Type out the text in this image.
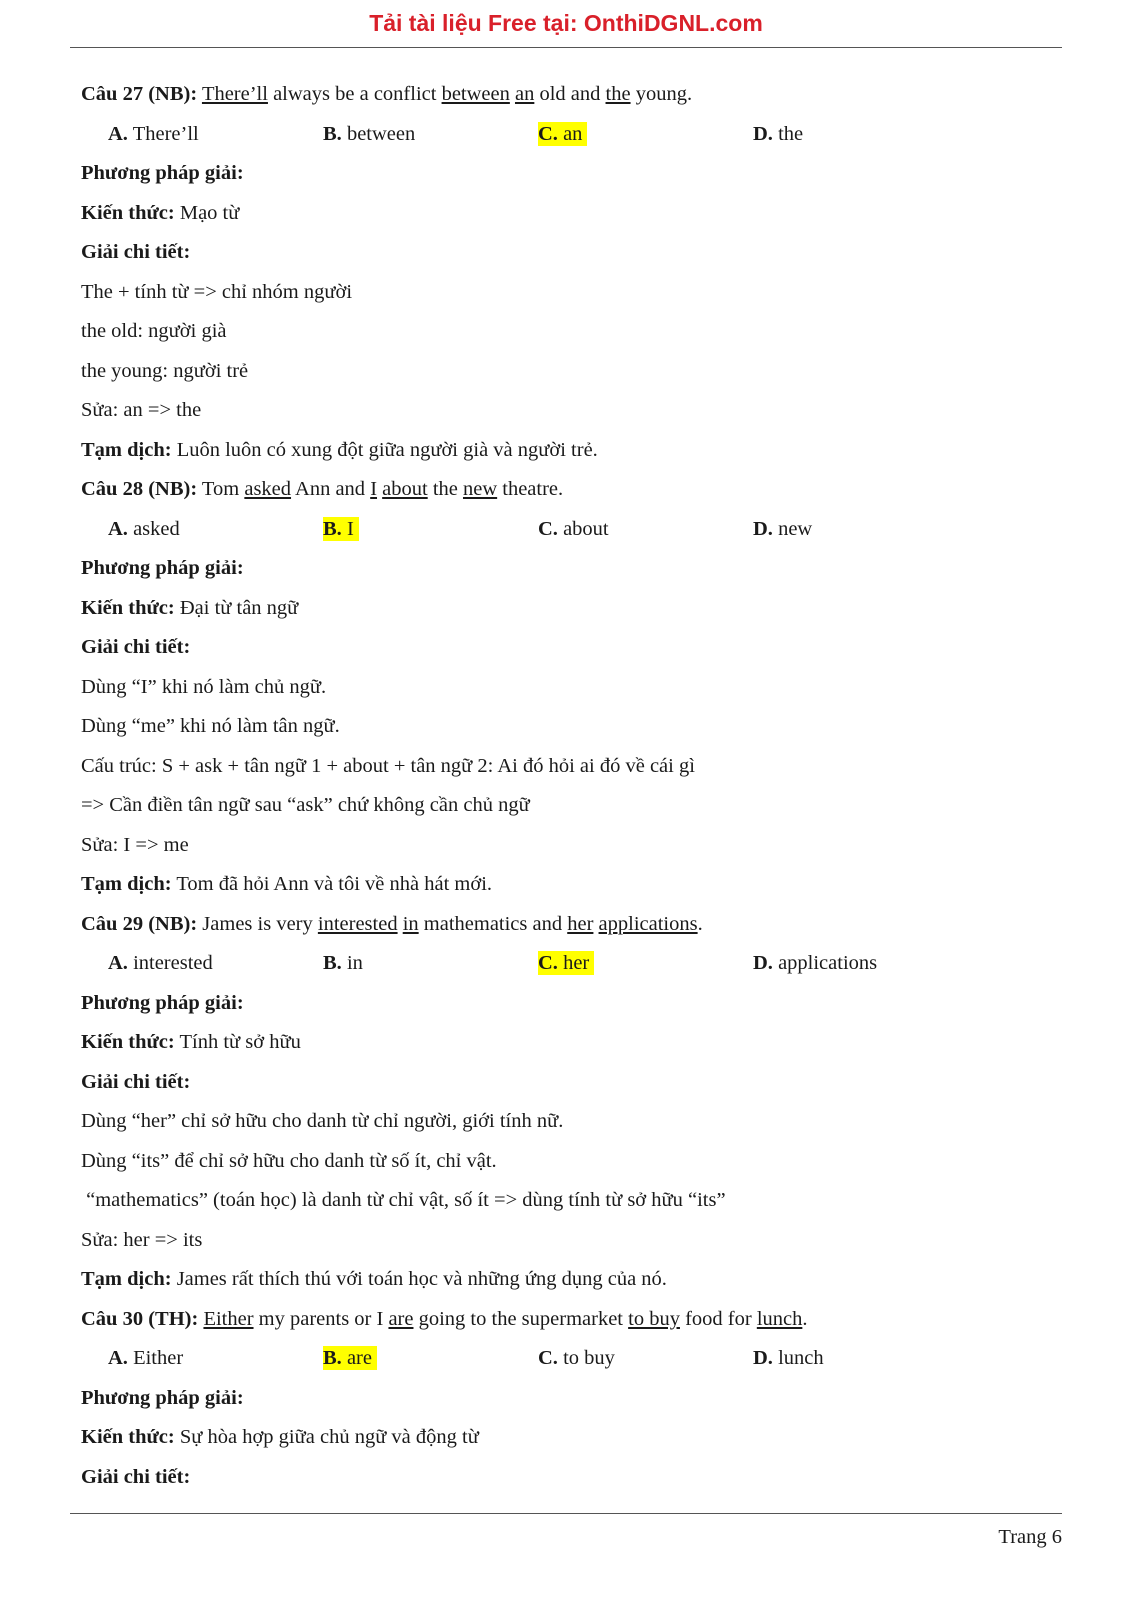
Tải tài liệu Free tại: OnthiDGNL.com
Câu 27 (NB): There’ll always be a conflict between an old and the young.
A. There’ll	B. between	C. an	D. the
Phương pháp giải:
Kiến thức: Mạo từ
Giải chi tiết:
The + tính từ => chỉ nhóm người
the old: người già
the young: người trẻ
Sửa: an => the
Tạm dịch: Luôn luôn có xung đột giữa người già và người trẻ.
Câu 28 (NB): Tom asked Ann and I about the new theatre.
A. asked	B. I	C. about	D. new
Phương pháp giải:
Kiến thức: Đại từ tân ngữ
Giải chi tiết:
Dùng “I” khi nó làm chủ ngữ.
Dùng “me” khi nó làm tân ngữ.
Cấu trúc: S + ask + tân ngữ 1 + about + tân ngữ 2: Ai đó hỏi ai đó về cái gì
=> Cần điền tân ngữ sau “ask” chứ không cần chủ ngữ
Sửa: I => me
Tạm dịch: Tom đã hỏi Ann và tôi về nhà hát mới.
Câu 29 (NB): James is very interested in mathematics and her applications.
A. interested	B. in	C. her	D. applications
Phương pháp giải:
Kiến thức: Tính từ sở hữu
Giải chi tiết:
Dùng “her” chỉ sở hữu cho danh từ chỉ người, giới tính nữ.
Dùng “its” để chỉ sở hữu cho danh từ số ít, chỉ vật.
“mathematics” (toán học) là danh từ chỉ vật, số ít => dùng tính từ sở hữu “its”
Sửa: her => its
Tạm dịch: James rất thích thú với toán học và những ứng dụng của nó.
Câu 30 (TH): Either my parents or I are going to the supermarket to buy food for lunch.
A. Either	B. are	C. to buy	D. lunch
Phương pháp giải:
Kiến thức: Sự hòa hợp giữa chủ ngữ và động từ
Giải chi tiết:
Trang 6
